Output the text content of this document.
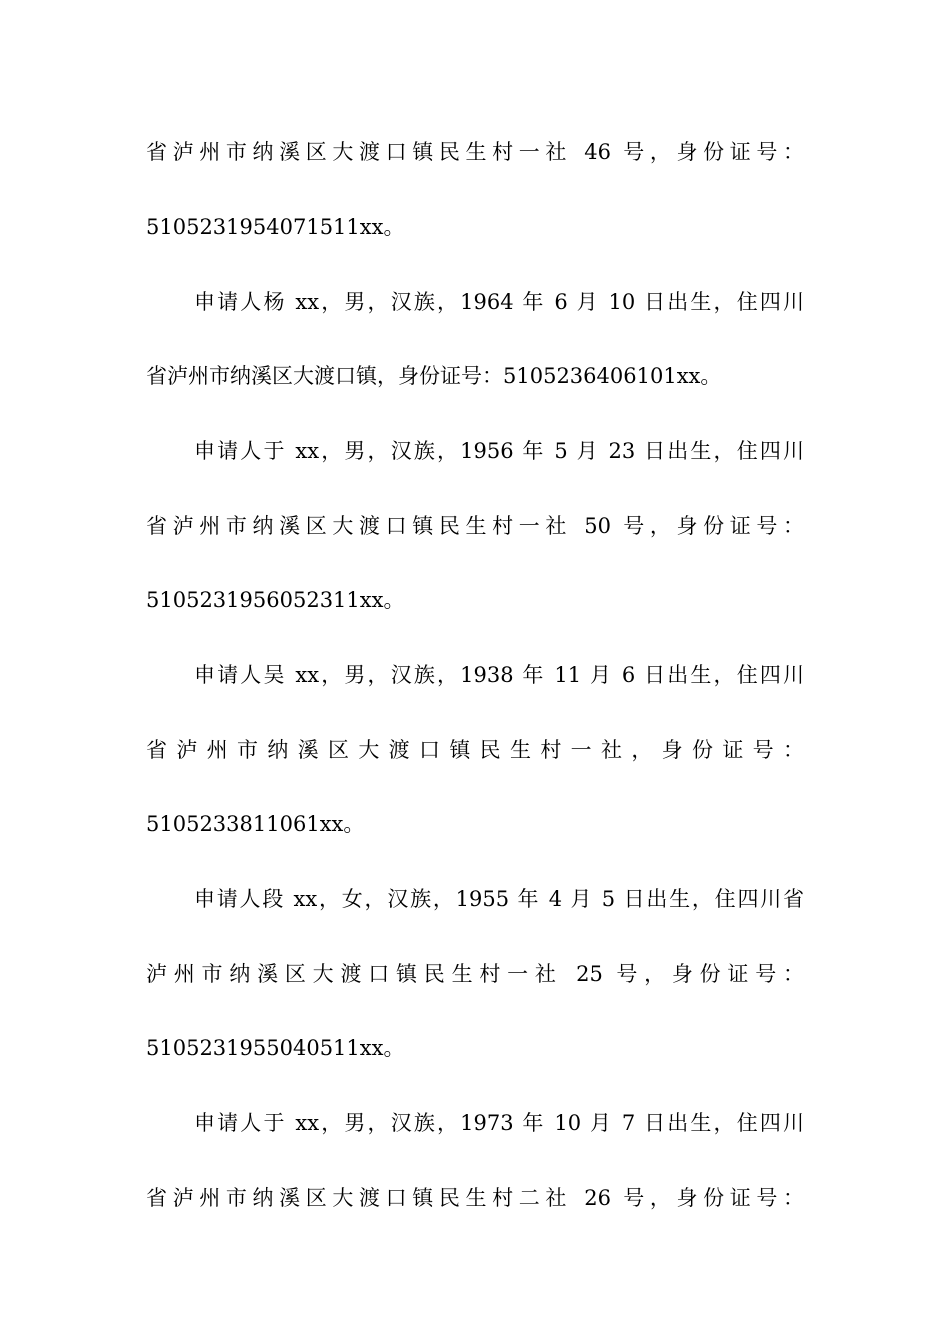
省泸州市纳溪区大渡口镇民生村一社 46 号，身份证号：
5105231954071511xx。
申请人杨 xx，男，汉族，1964 年 6 月 10 日出生，住四川
省泸州市纳溪区大渡口镇，身份证号：5105236406101xx。
申请人于 xx，男，汉族，1956 年 5 月 23 日出生，住四川
省泸州市纳溪区大渡口镇民生村一社 50 号，身份证号：
5105231956052311xx。
申请人吴 xx，男，汉族，1938 年 11 月 6 日出生，住四川
省泸州市纳溪区大渡口镇民生村一社，身份证号：
5105233811061xx。
申请人段 xx，女，汉族，1955 年 4 月 5 日出生，住四川省
泸州市纳溪区大渡口镇民生村一社 25 号，身份证号：
5105231955040511xx。
申请人于 xx，男，汉族，1973 年 10 月 7 日出生，住四川
省泸州市纳溪区大渡口镇民生村二社 26 号，身份证号：
